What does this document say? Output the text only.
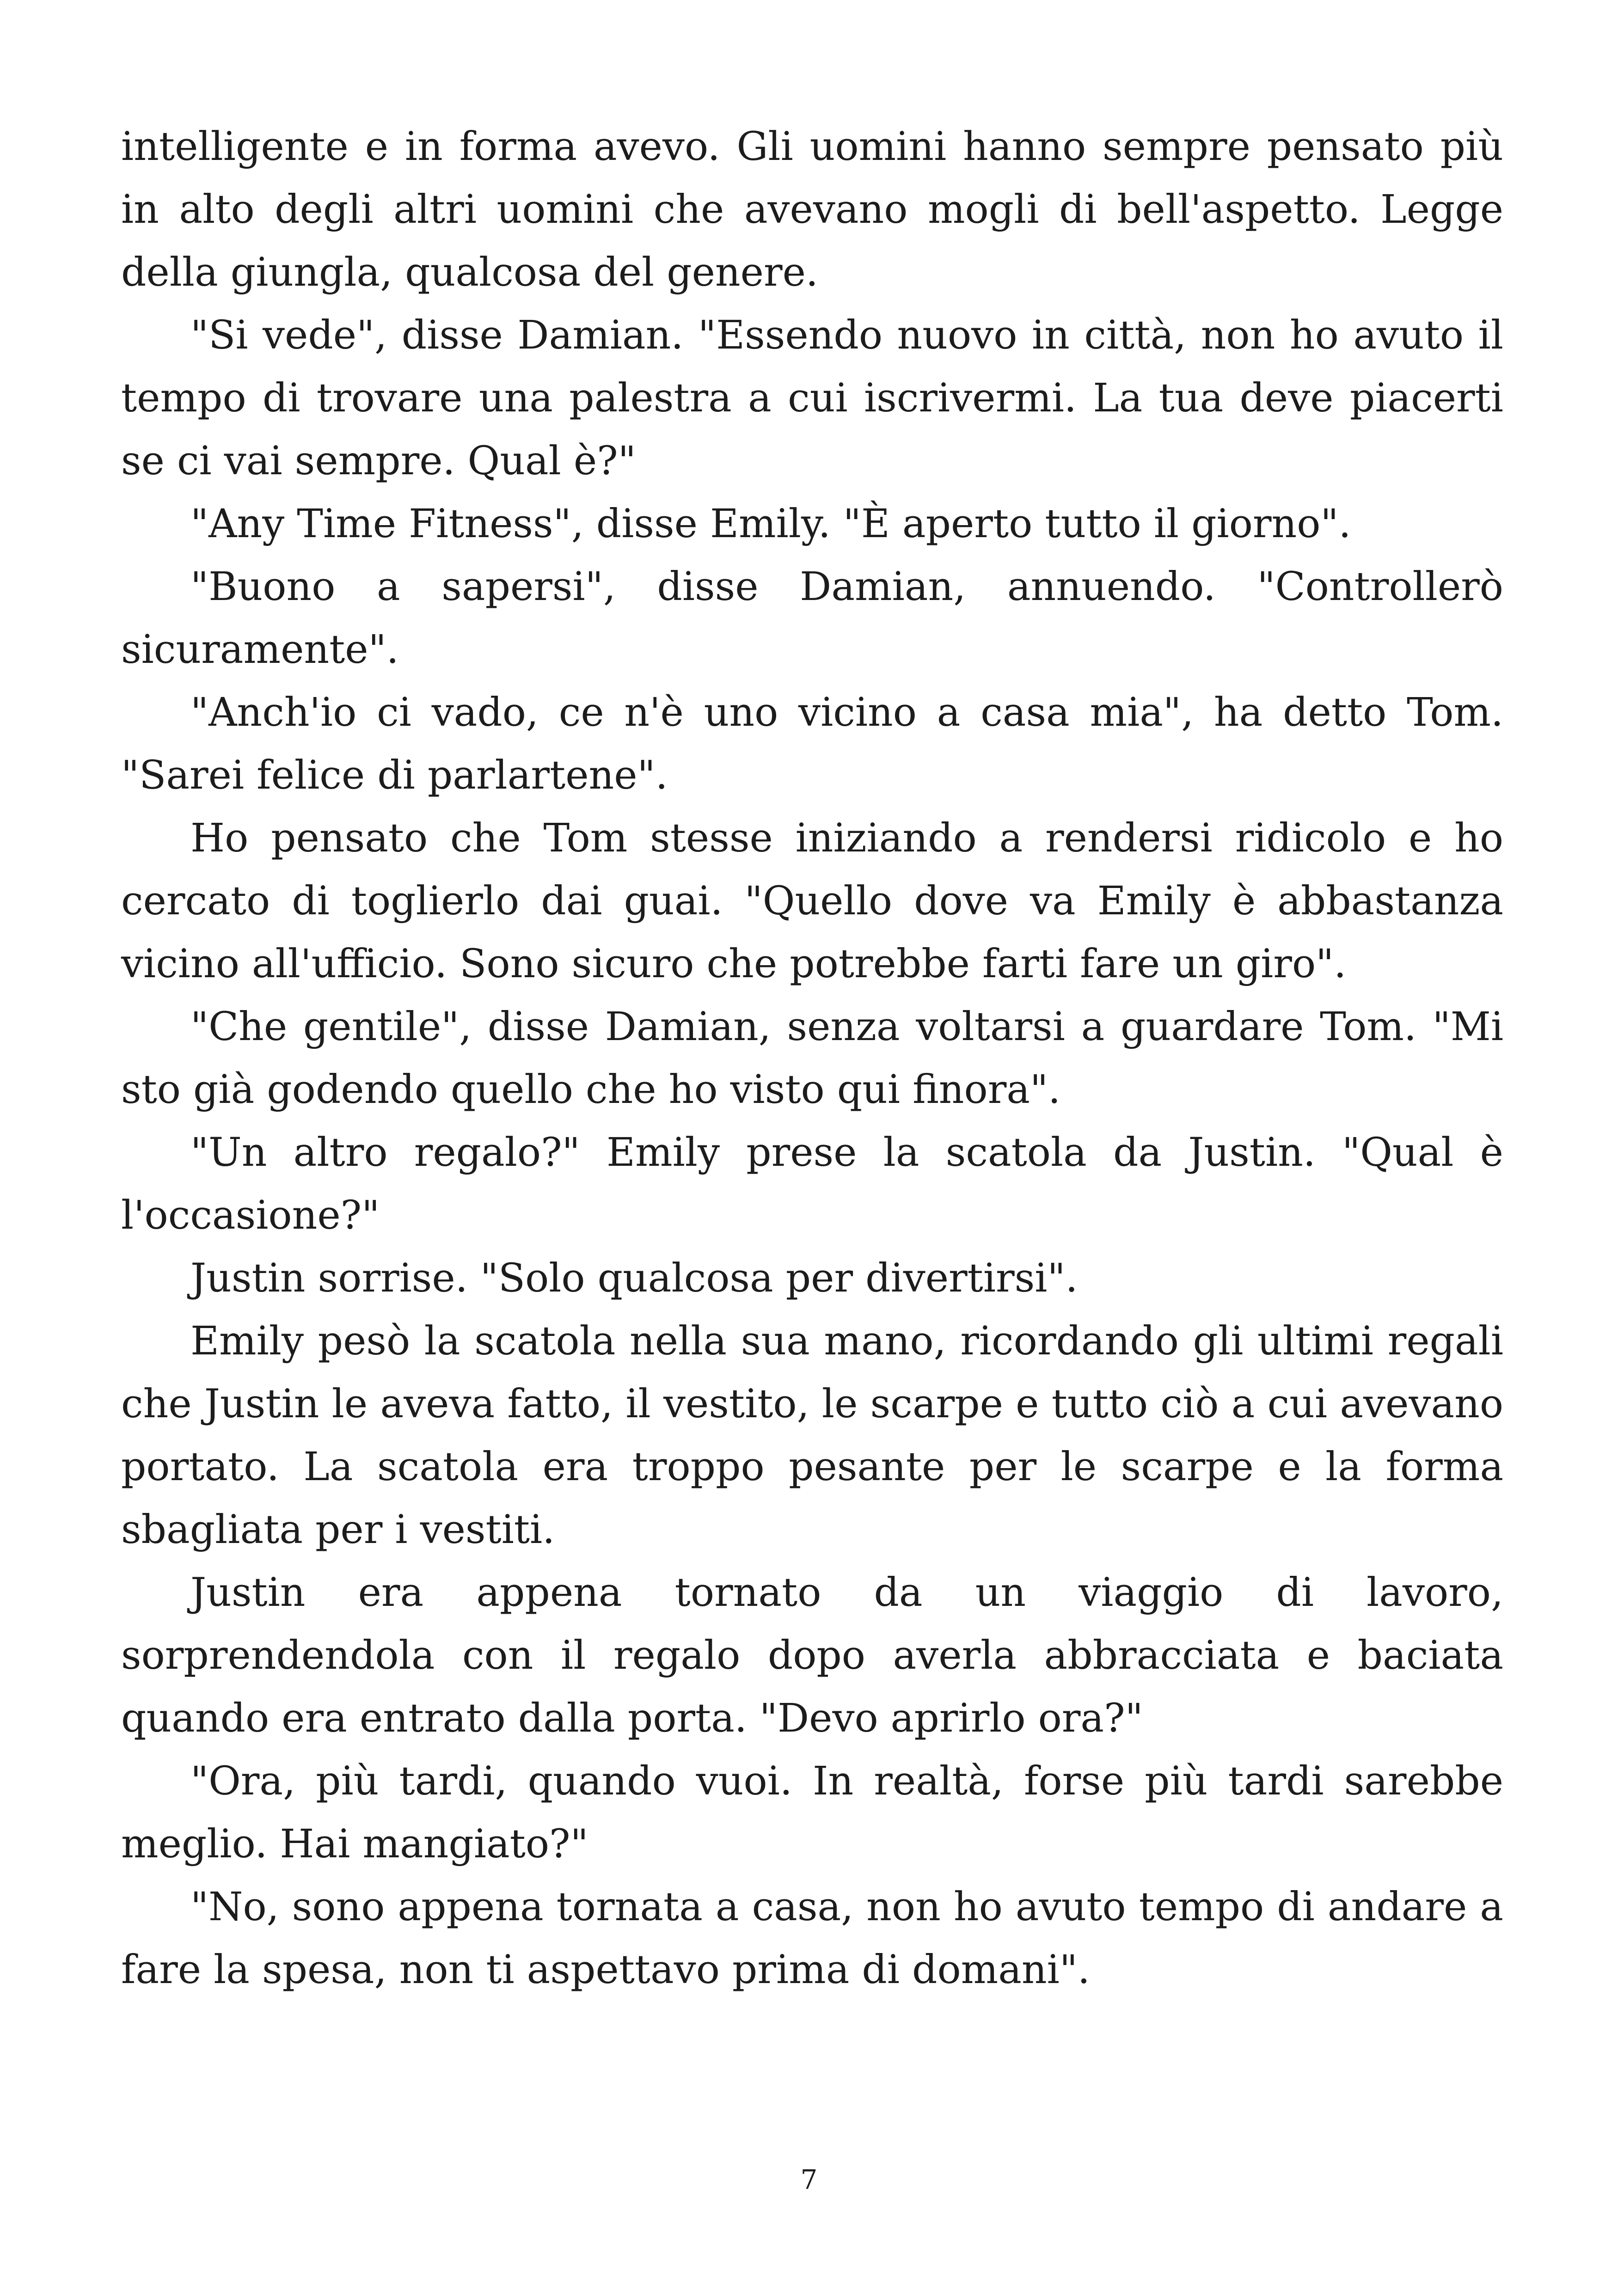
intelligente e in forma avevo. Gli uomini hanno sempre pensato più in alto degli altri uomini che avevano mogli di bell'aspetto. Legge della giungla, qualcosa del genere.

"Si vede", disse Damian. "Essendo nuovo in città, non ho avuto il tempo di trovare una palestra a cui iscrivermi. La tua deve piacerti se ci vai sempre. Qual è?"

"Any Time Fitness", disse Emily. "È aperto tutto il giorno".

"Buono a sapersi", disse Damian, annuendo. "Controllerò sicuramente".

"Anch'io ci vado, ce n'è uno vicino a casa mia", ha detto Tom. "Sarei felice di parlartene".

Ho pensato che Tom stesse iniziando a rendersi ridicolo e ho cercato di toglierlo dai guai. "Quello dove va Emily è abbastanza vicino all'ufficio. Sono sicuro che potrebbe farti fare un giro".

"Che gentile", disse Damian, senza voltarsi a guardare Tom. "Mi sto già godendo quello che ho visto qui finora".

"Un altro regalo?" Emily prese la scatola da Justin. "Qual è l'occasione?"

Justin sorrise. "Solo qualcosa per divertirsi".

Emily pesò la scatola nella sua mano, ricordando gli ultimi regali che Justin le aveva fatto, il vestito, le scarpe e tutto ciò a cui avevano portato. La scatola era troppo pesante per le scarpe e la forma sbagliata per i vestiti.

Justin era appena tornato da un viaggio di lavoro, sorprendendola con il regalo dopo averla abbracciata e baciata quando era entrato dalla porta. "Devo aprirlo ora?"

"Ora, più tardi, quando vuoi. In realtà, forse più tardi sarebbe meglio. Hai mangiato?"

"No, sono appena tornata a casa, non ho avuto tempo di andare a fare la spesa, non ti aspettavo prima di domani".

7
